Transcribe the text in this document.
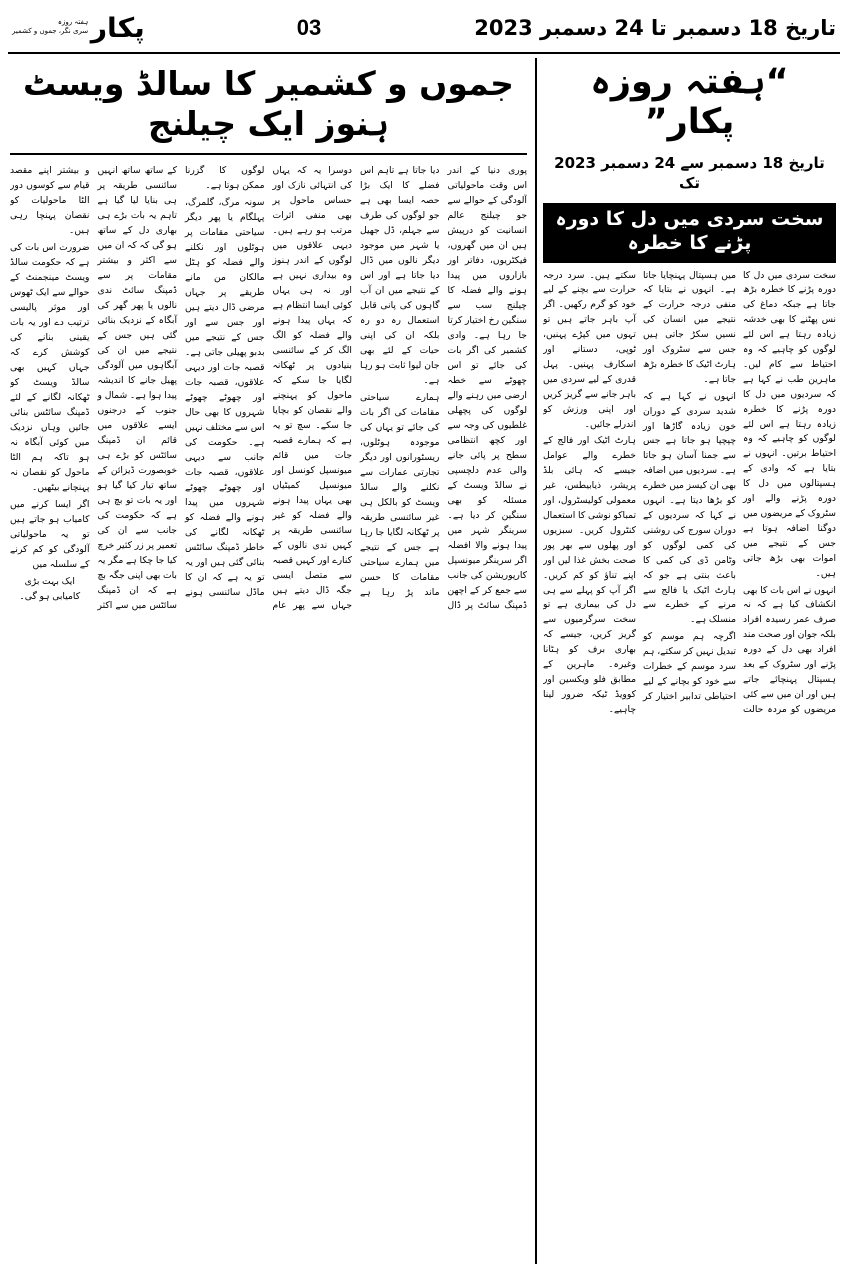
تاریخ 18 دسمبر تا 24 دسمبر 2023
03
پکار
ہفتہ روزہ
سری نگر، جموں و کشمیر
“ہفتہ روزہ پکار”
تاریخ 18 دسمبر سے 24 دسمبر 2023 تک
سخت سردی میں دل کا دورہ پڑنے کا خطرہ

سخت سردی میں دل کا دورہ پڑنے کا خطرہ بڑھ جاتا ہے جبکہ دماغ کی نس پھٹنے کا بھی خدشہ زیادہ رہتا ہے اس لئے لوگوں کو چاہیے کہ وہ احتیاط سے کام لیں۔ ماہرین طب نے کہا ہے کہ سردیوں میں دل کا دورہ پڑنے کا خطرہ زیادہ رہتا ہے اس لئے لوگوں کو چاہیے کہ وہ احتیاط برتیں۔ انہوں نے بتایا ہے کہ وادی کے ہسپتالوں میں دل کا دورہ پڑنے والے اور سٹروک کے مریضوں میں دوگنا اضافہ ہوتا ہے جس کے نتیجے میں اموات بھی بڑھ جاتی ہیں۔

انہوں نے اس بات کا بھی انکشاف کیا ہے کہ نہ صرف عمر رسیدہ افراد بلکہ جوان اور صحت مند افراد بھی دل کے دورہ پڑنے اور سٹروک کے بعد ہسپتال پہنچائے جاتے ہیں اور ان میں سے کئی مریضوں کو مردہ حالت میں ہسپتال پہنچایا جاتا ہے۔ انہوں نے بتایا کہ منفی درجہ حرارت کے نتیجے میں انسان کی نسیں سکڑ جاتی ہیں جس سے سٹروک اور ہارٹ اٹیک کا خطرہ بڑھ جاتا ہے۔

انہوں نے کہا ہے کہ شدید سردی کے دوران خون زیادہ گاڑھا اور چپچپا ہو جاتا ہے جس سے جمنا آسان ہو جاتا ہے۔ سردیوں میں اضافہ بھی ان کیسز میں خطرے کو بڑھا دیتا ہے۔ انہوں نے کہا کہ سردیوں کے دوران سورج کی روشنی کی کمی لوگوں کو وٹامن ڈی کی کمی کا باعث بنتی ہے جو کہ ہارٹ اٹیک یا فالج سے مرنے کے خطرے سے منسلک ہے۔

اگرچہ ہم موسم کو تبدیل نہیں کر سکتے، ہم سرد موسم کے خطرات سے خود کو بچانے کے لیے احتیاطی تدابیر اختیار کر سکتے ہیں۔ سرد درجہ حرارت سے بچنے کے لیے خود کو گرم رکھیں۔ اگر آپ باہر جاتے ہیں تو تہوں میں کپڑے پہنیں، ٹوپی، دستانے اور اسکارف پہنیں۔ پہل قدری کے لیے سردی میں باہر جانے سے گریز کریں اور اپنی ورزش کو اندرلے جائیں۔

ہارٹ اٹیک اور فالج کے خطرے والے عوامل جیسے کہ ہائی بلڈ پریشر، ذیابیطس، غیر معمولی کولیسٹرول، اور تمباکو نوشی کا استعمال کنٹرول کریں۔ سبزیوں اور پھلوں سے بھر پور صحت بخش غذا لیں اور اپنے تناؤ کو کم کریں۔ اگر آپ کو پہلے سے ہی دل کی بیماری ہے تو سخت سرگرمیوں سے گریز کریں، جیسے کہ بھاری برف کو ہٹانا وغیرہ۔ ماہرین کے مطابق فلو ویکسین اور کوویڈ ٹیکہ ضرور لینا چاہیے۔

جموں و کشمیر کا سالڈ ویسٹ ہنوز ایک چیلنج

پوری دنیا کے اندر اس وقت ماحولیاتی آلودگی کے حوالے سے جو چیلنج عالم انسانیت کو درپیش ہیں ان میں گھروں، فیکٹریوں، دفاتر اور بازاروں میں پیدا ہونے والے فضلہ کا چیلنج سب سے سنگین رخ اختیار کرتا جا رہا ہے۔ وادی کشمیر کی اگر بات کی جائے تو اس چھوٹے سے خطہ ارضی میں رہنے والے لوگوں کی پچھلی غلطیوں کی وجہ سے اور کچھ انتظامی سطح پر پائی جانے والی عدم دلچسپی نے سالڈ ویسٹ کے مسئلہ کو بھی سنگین کر دیا ہے۔ سرینگر شہر میں پیدا ہونے والا افضلہ اگر سرینگر میونسپل کارپوریشن کی جانب سے جمع کر کے اچھن ڈمپنگ سائٹ پر ڈال دیا جاتا ہے تاہم اس فضلے کا ایک بڑا حصہ ایسا بھی ہے جو لوگوں کی طرف سے جہلم، ڈل جھیل یا شہر میں موجود دیگر نالوں میں ڈال دیا جاتا ہے اور اس کے نتیجے میں ان آب گاہوں کی پانی قابل استعمال رہ دو رہ بلکہ ان کی اپنی حیات کے لئے بھی جان لیوا ثابت ہو رہا ہے۔

ہمارے سیاحتی مقامات کی اگر بات کی جائے تو یہاں کی موجودہ ہوٹلوں، ریسٹورانوں اور دیگر تجارتی عمارات سے نکلنے والے سالڈ ویسٹ کو بالکل ہی غیر سائنسی طریقہ پر ٹھکانہ لگایا جا رہا ہے جس کے نتیجے میں ہمارے سیاحتی مقامات کا حسن ماند پڑ رہا ہے دوسرا یہ کہ یہاں کی انتہائی نازک اور حساس ماحول پر بھی منفی اثرات مرتب ہو رہے ہیں۔ دیہی علاقوں میں لوگوں کے اندر ہنوز وہ بیداری نہیں ہے اور نہ ہی یہاں کوئی ایسا انتظام ہے کہ یہاں پیدا ہونے والے فضلہ کو الگ الگ کر کے سائنسی بنیادوں پر ٹھکانہ لگایا جا سکے کہ ماحول کو پہنچنے والے نقصان کو بچایا جا سکے۔ سچ تو یہ ہے کہ ہمارے قصبہ جات میں قائم میونسپل کونسل اور میونسپل کمیٹیاں بھی یہاں پیدا ہونے والے فضلہ کو غیر سائنسی طریقہ پر کہیں ندی نالوں کے کنارے اور کہیں قصبہ سے متصل ایسی جگہ ڈال دیتے ہیں جہاں سے پھر عام لوگوں کا گزرنا ممکن ہوتا ہے۔

سونہ مرگ، گلمرگ، پہلگام یا پھر دیگر سیاحتی مقامات پر ہوٹلوں اور نکلنے والے فضلہ کو ہٹل مالکان من مانے طریقے پر جہاں مرضی ڈال دیتے ہیں اور جس سے اور جس کے نتیجے میں بدبو پھیلی جاتی ہے۔ قصبہ جات اور دیہی علاقوں، قصبہ جات اور چھوٹے چھوٹے شہروں کا بھی حال اس سے مختلف نہیں ہے۔ حکومت کی جانب سے دیہی علاقوں، قصبہ جات اور چھوٹے چھوٹے شہروں میں پیدا ہونے والے فضلہ کو ٹھکانہ لگانے کی خاطر ڈمپنگ سائٹس بنائی گئی ہیں اور یہ تو یہ ہے کہ ان کا ماڈل سائنسی ہونے کے ساتھ ساتھ انہیں سائنسی طریقہ پر ہی بنایا لیا گیا ہے تاہم یہ بات بڑے ہی بھاری دل کے ساتھ ہو گی کہ کہ ان میں سے اکثر و بیشتر مقامات پر سے ڈمپنگ سائٹ ندی نالوں یا پھر گھر کی آبگاہ کے نزدیک بنائی گئی ہیں جس کے نتیجے میں ان کی آبگاہوں میں آلودگی پھیل جانے کا اندیشہ پیدا ہوا ہے۔ شمال و جنوب کے درجنوں ایسے علاقوں میں قائم ان ڈمپنگ سائٹس کو بڑے ہی خوبصورت ڈیزائن کے ساتھ تیار کیا گیا ہو اور یہ بات تو بچ ہی ہے کہ حکومت کی جانب سے ان کی تعمیر پر زر کثیر خرچ کیا جا چکا ہے مگر یہ بات بھی اپنی جگہ بچ ہے کہ ان ڈمپنگ سائٹس میں سے اکثر و بیشتر اپنے مقصد قیام سے کوسوں دور الٹا ماحولیات کو نقصان پہنچا رہی ہیں۔

ضرورت اس بات کی ہے کہ حکومت سالڈ ویسٹ مینجمنٹ کے حوالے سے ایک ٹھوس اور موثر پالیسی ترتیب دے اور یہ بات یقینی بنانے کی کوشش کرے کہ جہاں کہیں بھی سالڈ ویسٹ کو ٹھکانہ لگانے کے لئے ڈمپنگ سائٹس بنائی جائیں وہاں نزدیک میں کوئی آبگاہ نہ ہو تاکہ ہم الٹا ماحول کو نقصان نہ پہنچانے بیٹھیں۔

اگر ایسا کرنے میں کامیاب ہو جاتے ہیں تو یہ ماحولیاتی آلودگی کو کم کرنے کے سلسلہ میں

ایک بہت بڑی کامیابی ہو گی۔
